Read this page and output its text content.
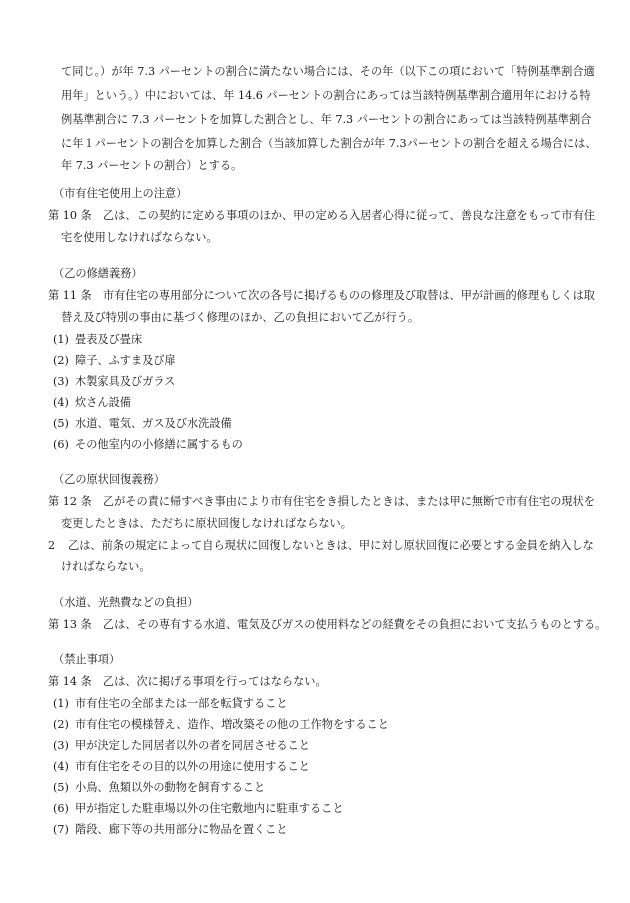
て同じ。）が年 7.3 パーセントの割合に満たない場合には、その年（以下この項において「特例基準割合適
用年」という。）中においては、年 14.6 パーセントの割合にあっては当該特例基準割合適用年における特
例基準割合に 7.3 パーセントを加算した割合とし、年 7.3 パーセントの割合にあっては当該特例基準割合
に年１パーセントの割合を加算した割合（当該加算した割合が年 7.3パーセントの割合を超える場合には、
年 7.3 パーセントの割合）とする。
（市有住宅使用上の注意）
第 10 条　乙は、この契約に定める事項のほか、甲の定める入居者心得に従って、善良な注意をもって市有住
宅を使用しなければならない。
（乙の修繕義務）
第 11 条　市有住宅の専用部分について次の各号に掲げるものの修理及び取替は、甲が計画的修理もしくは取
替え及び特別の事由に基づく修理のほか、乙の負担において乙が行う。
(1) 畳表及び畳床
(2) 障子、ふすま及び扉
(3) 木製家具及びガラス
(4) 炊さん設備
(5) 水道、電気、ガス及び水洗設備
(6) その他室内の小修繕に属するもの
（乙の原状回復義務）
第 12 条　乙がその責に帰すべき事由により市有住宅をき損したときは、または甲に無断で市有住宅の現状を
変更したときは、ただちに原状回復しなければならない。
2 乙は、前条の規定によって自ら現状に回復しないときは、甲に対し原状回復に必要とする金員を納入しな
ければならない。
（水道、光熱費などの負担）
第 13 条　乙は、その専有する水道、電気及びガスの使用料などの経費をその負担において支払うものとする。
（禁止事項）
第 14 条　乙は、次に掲げる事項を行ってはならない。
(1) 市有住宅の全部または一部を転貸すること
(2) 市有住宅の模様替え、造作、増改築その他の工作物をすること
(3) 甲が決定した同居者以外の者を同居させること
(4) 市有住宅をその目的以外の用途に使用すること
(5) 小鳥、魚類以外の動物を飼育すること
(6) 甲が指定した駐車場以外の住宅敷地内に駐車すること
(7) 階段、廊下等の共用部分に物品を置くこと
